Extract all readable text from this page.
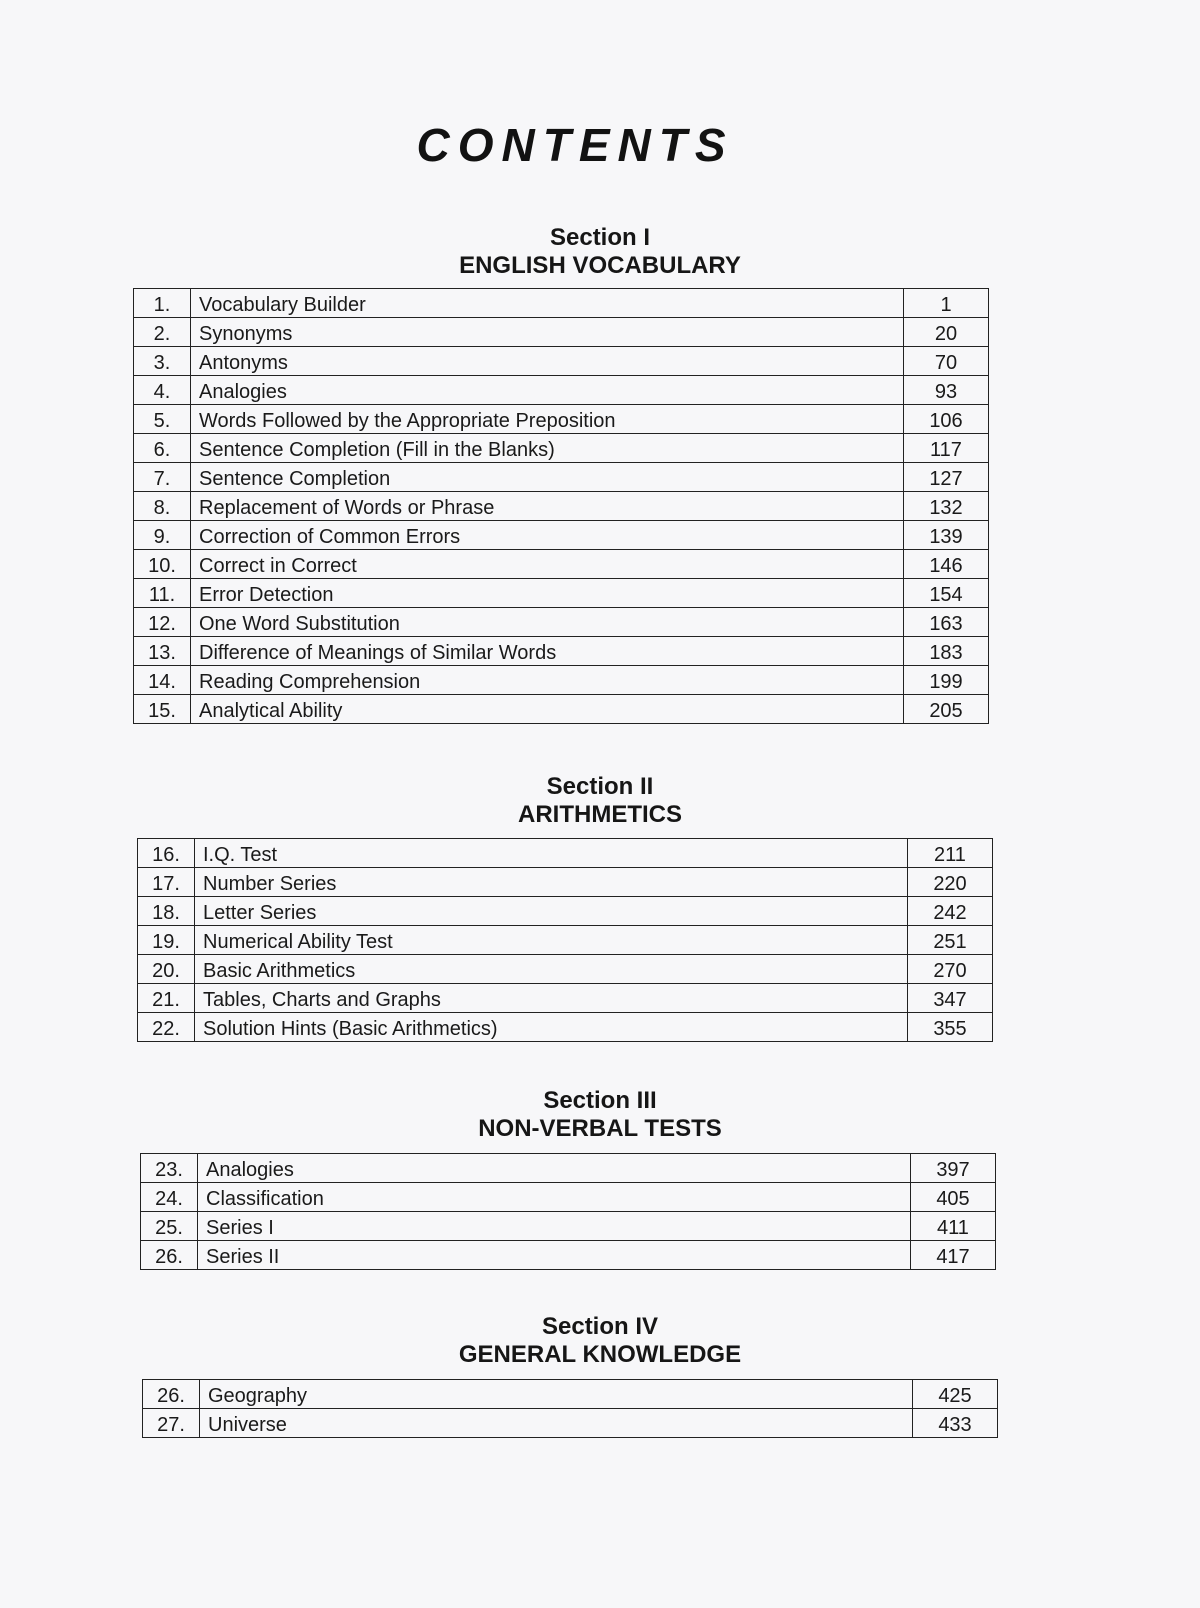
CONTENTS
Section I
ENGLISH VOCABULARY
1.	Vocabulary Builder	1
2.	Synonyms	20
3.	Antonyms	70
4.	Analogies	93
5.	Words Followed by the Appropriate Preposition	106
6.	Sentence Completion (Fill in the Blanks)	117
7.	Sentence Completion	127
8.	Replacement of Words or Phrase	132
9.	Correction of Common Errors	139
10.	Correct in Correct	146
11.	Error Detection	154
12.	One Word Substitution	163
13.	Difference of Meanings of Similar Words	183
14.	Reading Comprehension	199
15.	Analytical Ability	205
Section II
ARITHMETICS
16.	I.Q. Test	211
17.	Number Series	220
18.	Letter Series	242
19.	Numerical Ability Test	251
20.	Basic Arithmetics	270
21.	Tables, Charts and Graphs	347
22.	Solution Hints (Basic Arithmetics)	355
Section III
NON-VERBAL TESTS
23.	Analogies	397
24.	Classification	405
25.	Series I	411
26.	Series II	417
Section IV
GENERAL KNOWLEDGE
26.	Geography	425
27.	Universe	433
